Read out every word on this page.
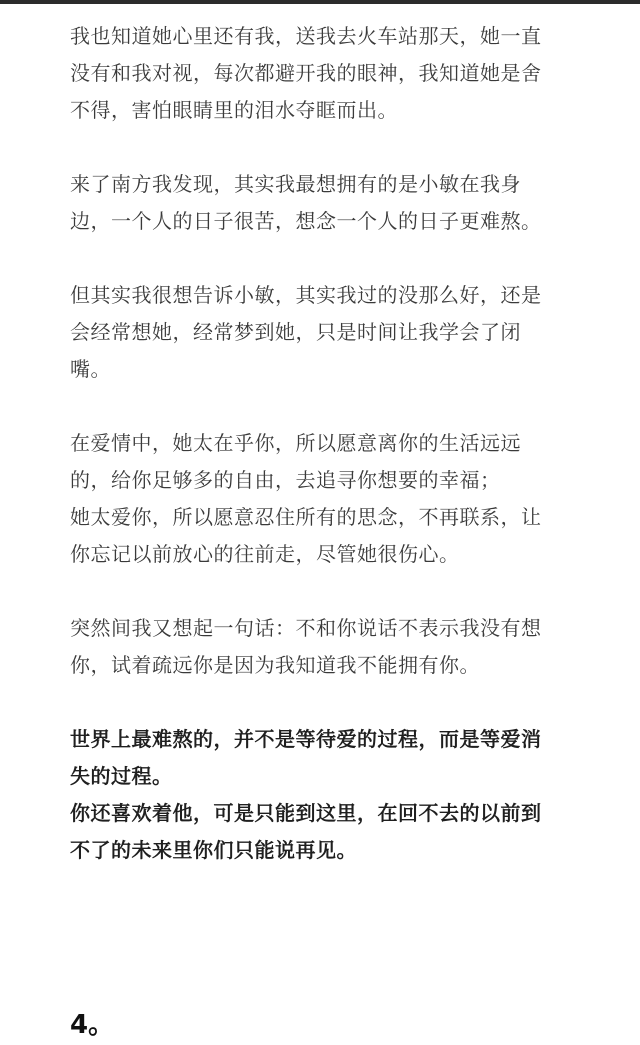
我也知道她心里还有我，送我去火车站那天，她一直
没有和我对视，每次都避开我的眼神，我知道她是舍
不得，害怕眼睛里的泪水夺眶而出。

来了南方我发现，其实我最想拥有的是小敏在我身
边，一个人的日子很苦，想念一个人的日子更难熬。

但其实我很想告诉小敏，其实我过的没那么好，还是
会经常想她，经常梦到她，只是时间让我学会了闭
嘴。

在爱情中，她太在乎你，所以愿意离你的生活远远
的，给你足够多的自由，去追寻你想要的幸福；
她太爱你，所以愿意忍住所有的思念，不再联系，让
你忘记以前放心的往前走，尽管她很伤心。

突然间我又想起一句话：不和你说话不表示我没有想
你，试着疏远你是因为我知道我不能拥有你。

世界上最难熬的，并不是等待爱的过程，而是等爱消
失的过程。
你还喜欢着他，可是只能到这里，在回不去的以前到
不了的未来里你们只能说再见。

4。
